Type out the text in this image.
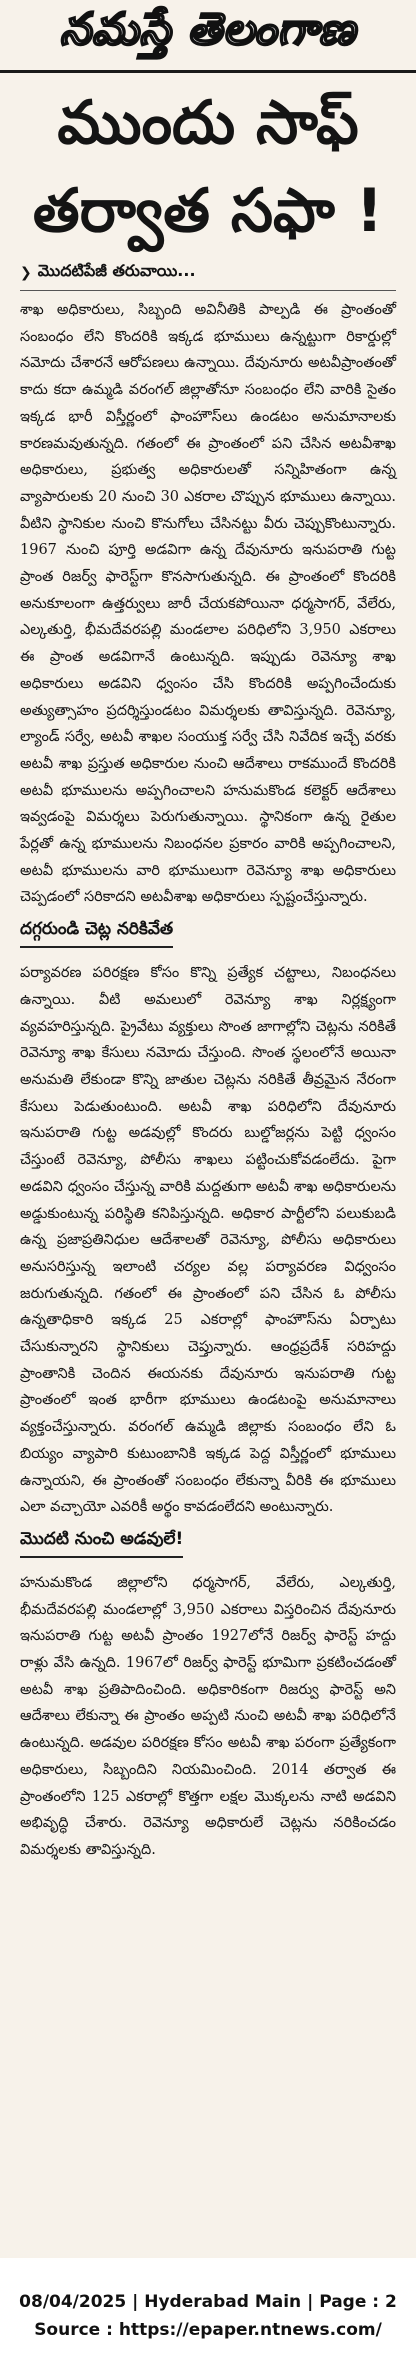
నమస్తే తెలంగాణ
ముందు సాఫ్
తర్వాత సఫా !
❯ మొదటిపేజీ తరువాయి...
శాఖ అధికారులు, సిబ్బంది అవినీతికి పాల్పడి ఈ ప్రాంతంతో సంబంధం లేని కొందరికి ఇక్కడ భూములు ఉన్నట్టుగా రికార్డుల్లో నమోదు చేశారనే ఆరోపణలు ఉన్నాయి. దేవునూరు అటవీప్రాంతంతో కాదు కదా ఉమ్మడి వరంగల్ జిల్లాతోనూ సంబంధం లేని వారికి సైతం ఇక్కడ భారీ విస్తీర్ణంలో ఫాంహౌస్‌లు ఉండటం అనుమానాలకు కారణమవుతున్నది. గతంలో ఈ ప్రాంతంలో పని చేసిన అటవీశాఖ అధికారులు, ప్రభుత్వ అధికారులతో సన్నిహితంగా ఉన్న వ్యాపారులకు 20 నుంచి 30 ఎకరాల చొప్పున భూములు ఉన్నాయి. వీటిని స్థానికుల నుంచి కొనుగోలు చేసినట్టు వీరు చెప్పుకొంటున్నారు. 1967 నుంచి పూర్తి అడవిగా ఉన్న దేవునూరు ఇనుపరాతి గుట్ట ప్రాంత రిజర్వ్ ఫారెస్ట్‌గా కొనసాగుతున్నది. ఈ ప్రాంతంలో కొందరికి అనుకూలంగా ఉత్తర్వులు జారీ చేయకపోయినా ధర్మసాగర్, వేలేరు, ఎల్కతుర్తి, భీమదేవరపల్లి మండలాల పరిధిలోని 3,950 ఎకరాలు ఈ ప్రాంత అడవిగానే ఉంటున్నది. ఇప్పుడు రెవెన్యూ శాఖ అధికారులు అడవిని ధ్వంసం చేసి కొందరికి అప్పగించేందుకు అత్యుత్సాహం ప్రదర్శిస్తుండటం విమర్శలకు తావిస్తున్నది. రెవెన్యూ, ల్యాండ్ సర్వే, అటవీ శాఖల సంయుక్త సర్వే చేసి నివేదిక ఇచ్చే వరకు అటవీ శాఖ ప్రస్తుత అధికారుల నుంచి ఆదేశాలు రాకముందే కొందరికి అటవీ భూములను అప్పగించాలని హనుమకొండ కలెక్టర్ ఆదేశాలు ఇవ్వడంపై విమర్శలు పెరుగుతున్నాయి. స్థానికంగా ఉన్న రైతుల పేర్లతో ఉన్న భూములను నిబంధనల ప్రకారం వారికి అప్పగించాలని, అటవీ భూములను వారి భూములుగా రెవెన్యూ శాఖ అధికారులు చెప్పడంలో సరికాదని అటవీశాఖ అధికారులు స్పష్టంచేస్తున్నారు.
దగ్గరుండి చెట్ల నరికివేత
పర్యావరణ పరిరక్షణ కోసం కొన్ని ప్రత్యేక చట్టాలు, నిబంధనలు ఉన్నాయి. వీటి అమలులో రెవెన్యూ శాఖ నిర్లక్ష్యంగా వ్యవహరిస్తున్నది. ప్రైవేటు వ్యక్తులు సొంత జాగాల్లోని చెట్లను నరికితే రెవెన్యూ శాఖ కేసులు నమోదు చేస్తుంది. సొంత స్థలంలోనే అయినా అనుమతి లేకుండా కొన్ని జాతుల చెట్లను నరికితే తీవ్రమైన నేరంగా కేసులు పెడుతుంటుంది. అటవీ శాఖ పరిధిలోని దేవునూరు ఇనుపరాతి గుట్ట అడవుల్లో కొందరు బుల్డోజర్లను పెట్టి ధ్వంసం చేస్తుంటే రెవెన్యూ, పోలీసు శాఖలు పట్టించుకోవడంలేదు. పైగా అడవిని ధ్వంసం చేస్తున్న వారికి మద్దతుగా అటవీ శాఖ అధికారులను అడ్డుకుంటున్న పరిస్థితి కనిపిస్తున్నది. అధికార పార్టీలోని పలుకుబడి ఉన్న ప్రజాప్రతినిధుల ఆదేశాలతో రెవెన్యూ, పోలీసు అధికారులు అనుసరిస్తున్న ఇలాంటి చర్యల వల్ల పర్యావరణ విధ్వంసం జరుగుతున్నది. గతంలో ఈ ప్రాంతంలో పని చేసిన ఓ పోలీసు ఉన్నతాధికారి ఇక్కడ 25 ఎకరాల్లో ఫాంహౌస్‌ను ఏర్పాటు చేసుకున్నారని స్థానికులు చెప్తున్నారు. ఆంధ్రప్రదేశ్ సరిహద్దు ప్రాంతానికి చెందిన ఈయనకు దేవునూరు ఇనుపరాతి గుట్ట ప్రాంతంలో ఇంత భారీగా భూములు ఉండటంపై అనుమానాలు వ్యక్తంచేస్తున్నారు. వరంగల్ ఉమ్మడి జిల్లాకు సంబంధం లేని ఓ బియ్యం వ్యాపారి కుటుంబానికి ఇక్కడ పెద్ద విస్తీర్ణంలో భూములు ఉన్నాయని, ఈ ప్రాంతంతో సంబంధం లేకున్నా వీరికి ఈ భూములు ఎలా వచ్చాయో ఎవరికీ అర్థం కావడంలేదని అంటున్నారు.
మొదటి నుంచి అడవులే!
హనుమకొండ జిల్లాలోని ధర్మసాగర్, వేలేరు, ఎల్కతుర్తి, భీమదేవరపల్లి మండలాల్లో 3,950 ఎకరాలు విస్తరించిన దేవునూరు ఇనుపరాతి గుట్ట అటవీ ప్రాంతం 1927లోనే రిజర్వ్ ఫారెస్ట్ హద్దు రాళ్లు వేసి ఉన్నది. 1967లో రిజర్వ్ ఫారెస్ట్ భూమిగా ప్రకటించడంతో అటవీ శాఖ ప్రతిపాదించింది. అధికారికంగా రిజర్వు ఫారెస్ట్ అని ఆదేశాలు లేకున్నా ఈ ప్రాంతం అప్పటి నుంచి అటవీ శాఖ పరిధిలోనే ఉంటున్నది. అడవుల పరిరక్షణ కోసం అటవీ శాఖ పరంగా ప్రత్యేకంగా అధికారులు, సిబ్బందిని నియమించింది. 2014 తర్వాత ఈ ప్రాంతంలోని 125 ఎకరాల్లో కొత్తగా లక్షల మొక్కలను నాటి అడవిని అభివృద్ధి చేశారు. రెవెన్యూ అధికారులే చెట్లను నరికించడం విమర్శలకు తావిస్తున్నది.
08/04/2025 | Hyderabad Main | Page : 2
Source : https://epaper.ntnews.com/
